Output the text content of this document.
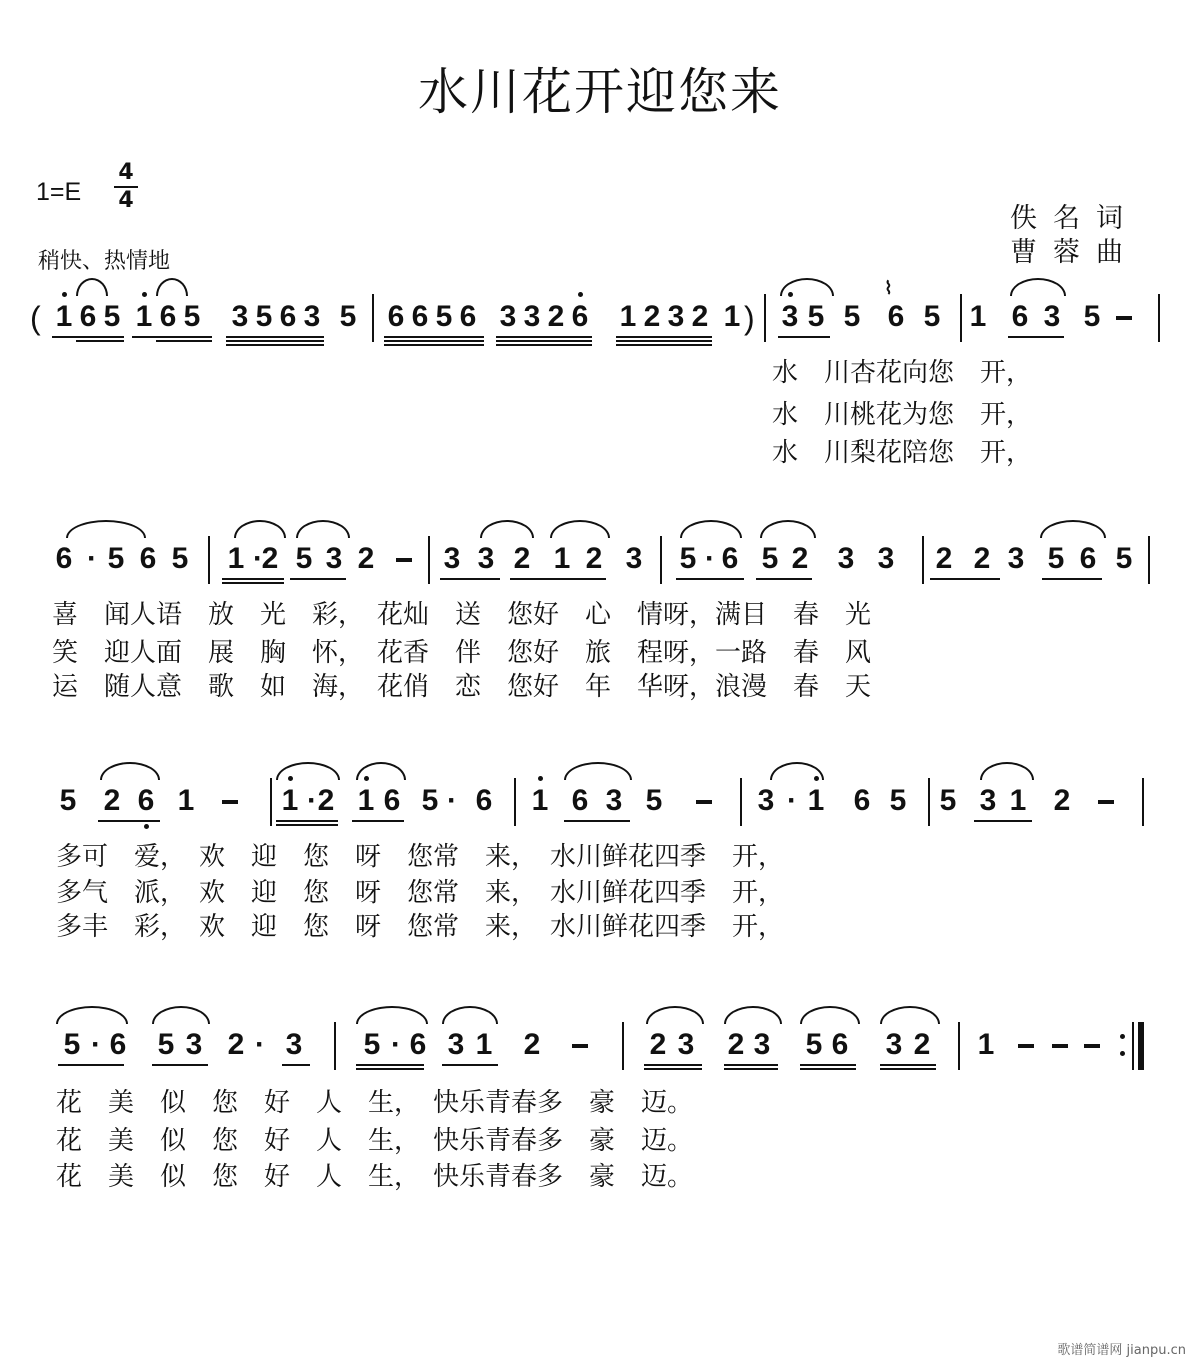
水川花开迎您来
1=E
4
4
稍快、热情地
佚名词
曹蓉曲
( 1 6 5 1 6 5 3 5 6 3 5 6 6 5 6 3 3 2 6 1 2 3 2 1 ) 3 5 5 6 5 1 6 3 5
⌇
水　川杏花向您　开，
水　川桃花为您　开，
水　川梨花陪您　开，
6 · 5 6 5 1 ·
2 5 3 2 3 3 2 1 2 3 5 · 6 5 2 3 3 2 2 3 5 6 5
喜　闻人语　放　光　彩，　花灿　送　您好　心　情呀，满目　春　光
笑　迎人面　展　胸　怀，　花香　伴　您好　旅　程呀，一路　春　风
运　随人意　歌　如　海，　花俏　恋　您好　年　华呀，浪漫　春　天
5 2 6 1	1 · 2 1 6 5 · 6 1 6 3 5	3 · 1 6 5 5 3 1 2
多可　爱，　欢　迎　您　呀　您常　来，　水川鲜花四季　开，
多气　派，　欢　迎　您　呀　您常　来，　水川鲜花四季　开，
多丰　彩，　欢　迎　您　呀　您常　来，　水川鲜花四季　开，
5 · 6 5 3 2 · 3 5 · 6 3 1 2	2 3 2 3 5 6 3 2 1
花　美　似　您　好　人　生，　快乐青春多　豪　迈。
花　美　似　您　好　人　生，　快乐青春多　豪　迈。
花　美　似　您　好　人　生，　快乐青春多　豪　迈。
歌谱简谱网 jianpu.cn
